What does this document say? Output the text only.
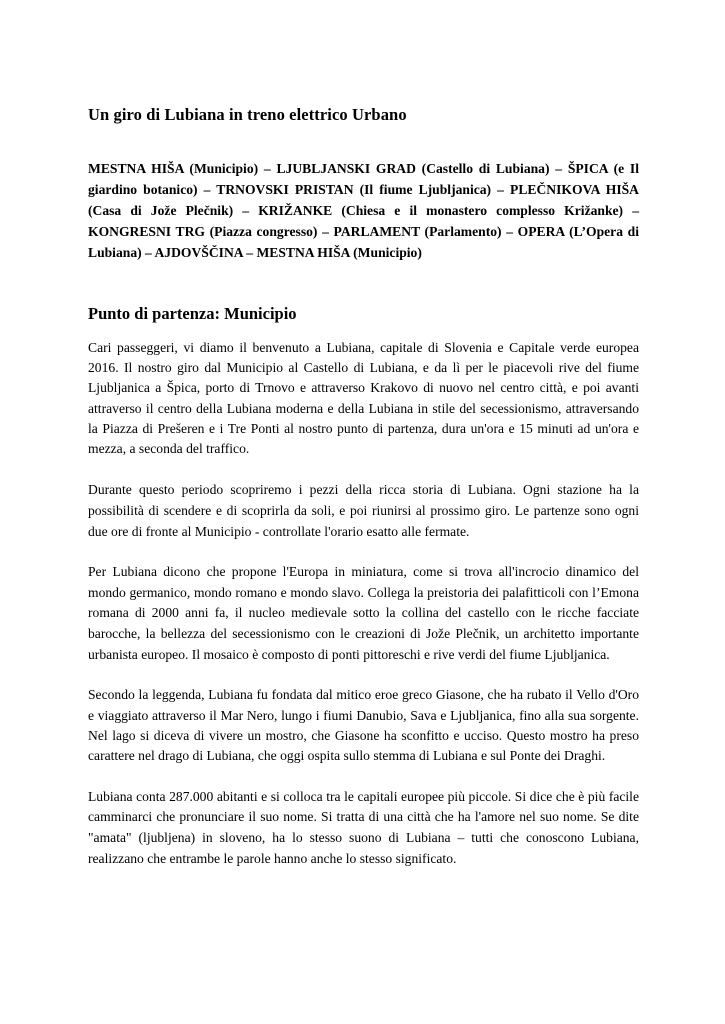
Un giro di Lubiana in treno elettrico Urbano

MESTNA HIŠA (Municipio) – LJUBLJANSKI GRAD (Castello di Lubiana) – ŠPICA (e Il giardino botanico) – TRNOVSKI PRISTAN (Il fiume Ljubljanica) – PLEČNIKOVA HIŠA (Casa di Jože Plečnik) – KRIŽANKE (Chiesa e il monastero complesso Križanke) – KONGRESNI TRG (Piazza congresso) – PARLAMENT (Parlamento) – OPERA (L’Opera di Lubiana) – AJDOVŠČINA – MESTNA HIŠA (Municipio)

Punto di partenza: Municipio

Cari passeggeri, vi diamo il benvenuto a Lubiana, capitale di Slovenia e Capitale verde europea 2016. Il nostro giro dal Municipio al Castello di Lubiana, e da lì per le piacevoli rive del fiume Ljubljanica a Špica, porto di Trnovo e attraverso Krakovo di nuovo nel centro città, e poi avanti attraverso il centro della Lubiana moderna e della Lubiana in stile del secessionismo, attraversando la Piazza di Prešeren e i Tre Ponti al nostro punto di partenza, dura un'ora e 15 minuti ad un'ora e mezza, a seconda del traffico.

Durante questo periodo scopriremo i pezzi della ricca storia di Lubiana. Ogni stazione ha la possibilità di scendere e di scoprirla da soli, e poi riunirsi al prossimo giro. Le partenze sono ogni due ore di fronte al Municipio - controllate l'orario esatto alle fermate.

Per Lubiana dicono che propone l'Europa in miniatura, come si trova all'incrocio dinamico del mondo germanico, mondo romano e mondo slavo. Collega la preistoria dei palafitticoli con l’Emona romana di 2000 anni fa, il nucleo medievale sotto la collina del castello con le ricche facciate barocche, la bellezza del secessionismo con le creazioni di Jože Plečnik, un architetto importante urbanista europeo. Il mosaico è composto di ponti pittoreschi e rive verdi del fiume Ljubljanica.

Secondo la leggenda, Lubiana fu fondata dal mitico eroe greco Giasone, che ha rubato il Vello d'Oro e viaggiato attraverso il Mar Nero, lungo i fiumi Danubio, Sava e Ljubljanica, fino alla sua sorgente. Nel lago si diceva di vivere un mostro, che Giasone ha sconfitto e ucciso. Questo mostro ha preso carattere nel drago di Lubiana, che oggi ospita sullo stemma di Lubiana e sul Ponte dei Draghi.

Lubiana conta 287.000 abitanti e si colloca tra le capitali europee più piccole. Si dice che è più facile camminarci che pronunciare il suo nome. Si tratta di una città che ha l'amore nel suo nome. Se dite "amata" (ljubljena) in sloveno, ha lo stesso suono di Lubiana – tutti che conoscono Lubiana, realizzano che entrambe le parole hanno anche lo stesso significato.
